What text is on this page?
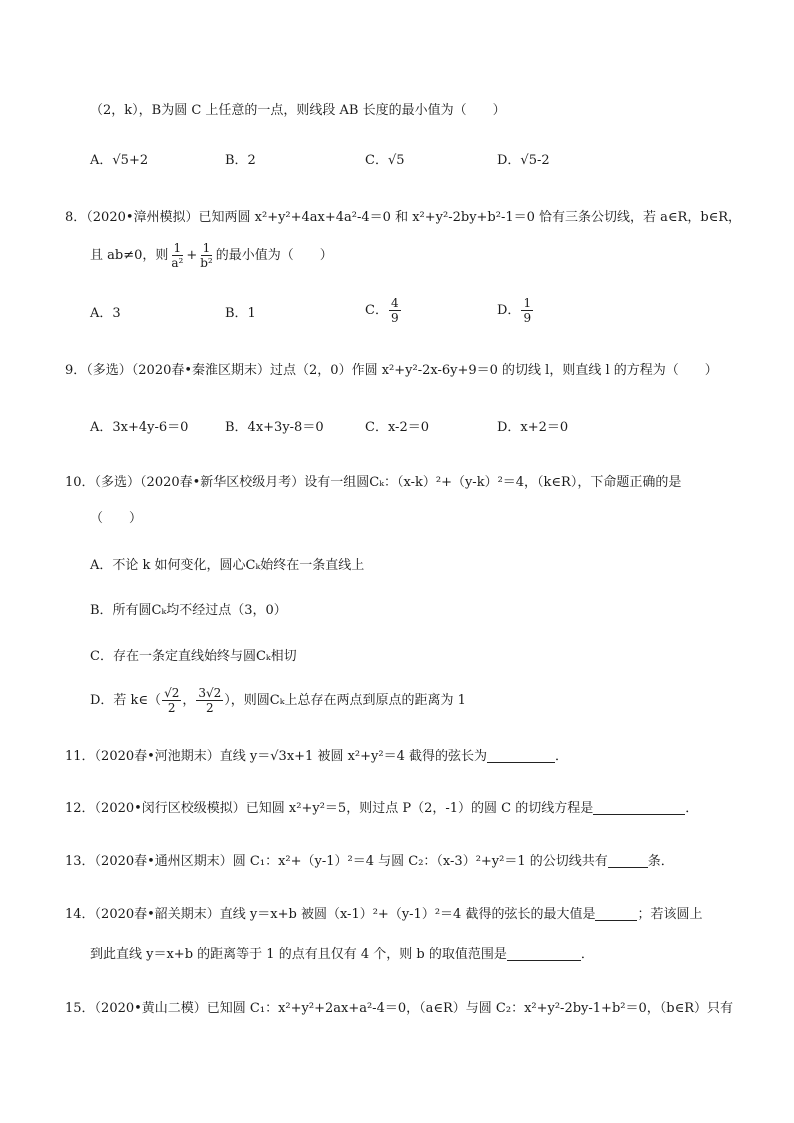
（2，k），B为圆 C 上任意的一点，则线段 AB 长度的最小值为（　　）
A．√5+2	B．2	C．√5	D．√5-2
8．（2020•漳州模拟）已知两圆 x²+y²+4ax+4a²-4＝0 和 x²+y²-2by+b²-1＝0 恰有三条公切线，若 a∈R，b∈R，
且 ab≠0，则 $\frac{1}{\text{a²}} + \frac{1}{\text{b²}}$ 的最小值为（　　）
A．3	B．1	C． $\frac{4}{9}$	D． $\frac{1}{9}$
9．（多选）（2020春•秦淮区期末）过点（2，0）作圆 x²+y²-2x-6y+9＝0 的切线 l，则直线 l 的方程为（　　）
A．3x+4y-6＝0	B．4x+3y-8＝0	C．x-2＝0	D．x+2＝0
10．（多选）（2020春•新华区校级月考）设有一组圆Cₖ：（x-k）²+（y-k）²＝4，（k∈R），下命题正确的是
（　　）
A．不论 k 如何变化，圆心Cₖ始终在一条直线上
B．所有圆Cₖ均不经过点（3，0）
C．存在一条定直线始终与圆Cₖ相切
D．若 k∈（ $\frac{√2}{2}$ ， $\frac{3√2}{2}$ ），则圆Cₖ上总存在两点到原点的距离为 1
11．（2020春•河池期末）直线 y＝√3x+1 被圆 x²+y²＝4 截得的弦长为	．
12．（2020•闵行区校级模拟）已知圆 x²+y²＝5，则过点 P（2，-1）的圆 C 的切线方程是	．
13．（2020春•通州区期末）圆 C₁：x²+（y-1）²＝4 与圆 C₂：（x-3）²+y²＝1 的公切线共有	条．
14．（2020春•韶关期末）直线 y＝x+b 被圆（x-1）²+（y-1）²＝4 截得的弦长的最大值是	；若该圆上
到此直线 y＝x+b 的距离等于 1 的点有且仅有 4 个，则 b 的取值范围是	．
15．（2020•黄山二模）已知圆 C₁：x²+y²+2ax+a²-4＝0，（a∈R）与圆 C₂：x²+y²-2by-1+b²＝0，（b∈R）只有
